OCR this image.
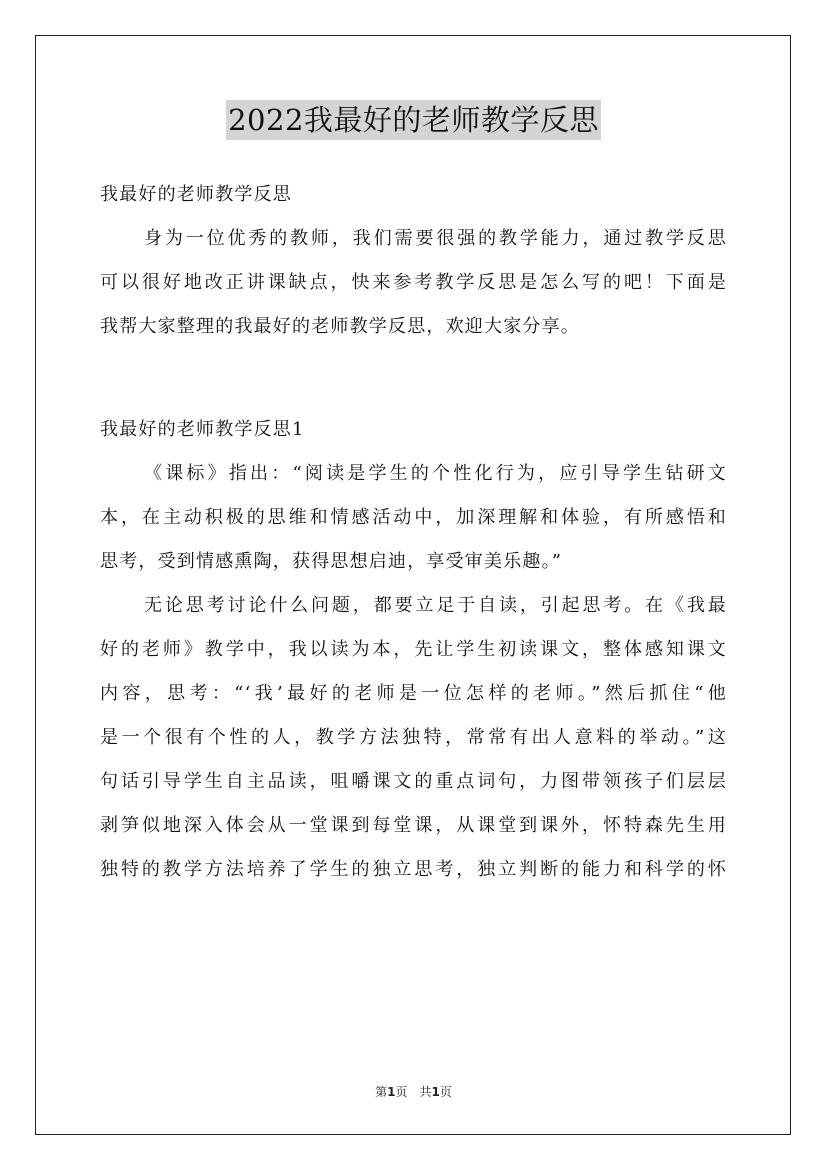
2022我最好的老师教学反思
我最好的老师教学反思
身为一位优秀的教师，我们需要很强的教学能力，通过教学反思
可以很好地改正讲课缺点，快来参考教学反思是怎么写的吧！下面是
我帮大家整理的我最好的老师教学反思，欢迎大家分享。
我最好的老师教学反思1
《课标》指出：“阅读是学生的个性化行为，应引导学生钻研文
本，在主动积极的思维和情感活动中，加深理解和体验，有所感悟和
思考，受到情感熏陶，获得思想启迪，享受审美乐趣。”
无论思考讨论什么问题，都要立足于自读，引起思考。在《我最
好的老师》教学中，我以读为本，先让学生初读课文，整体感知课文
内容，思考：“‘我’最好的老师是一位怎样的老师。”然后抓住“他
是一个很有个性的人，教学方法独特，常常有出人意料的举动。”这
句话引导学生自主品读，咀嚼课文的重点词句，力图带领孩子们层层
剥笋似地深入体会从一堂课到每堂课，从课堂到课外，怀特森先生用
独特的教学方法培养了学生的独立思考，独立判断的能力和科学的怀
第1页　共1页
